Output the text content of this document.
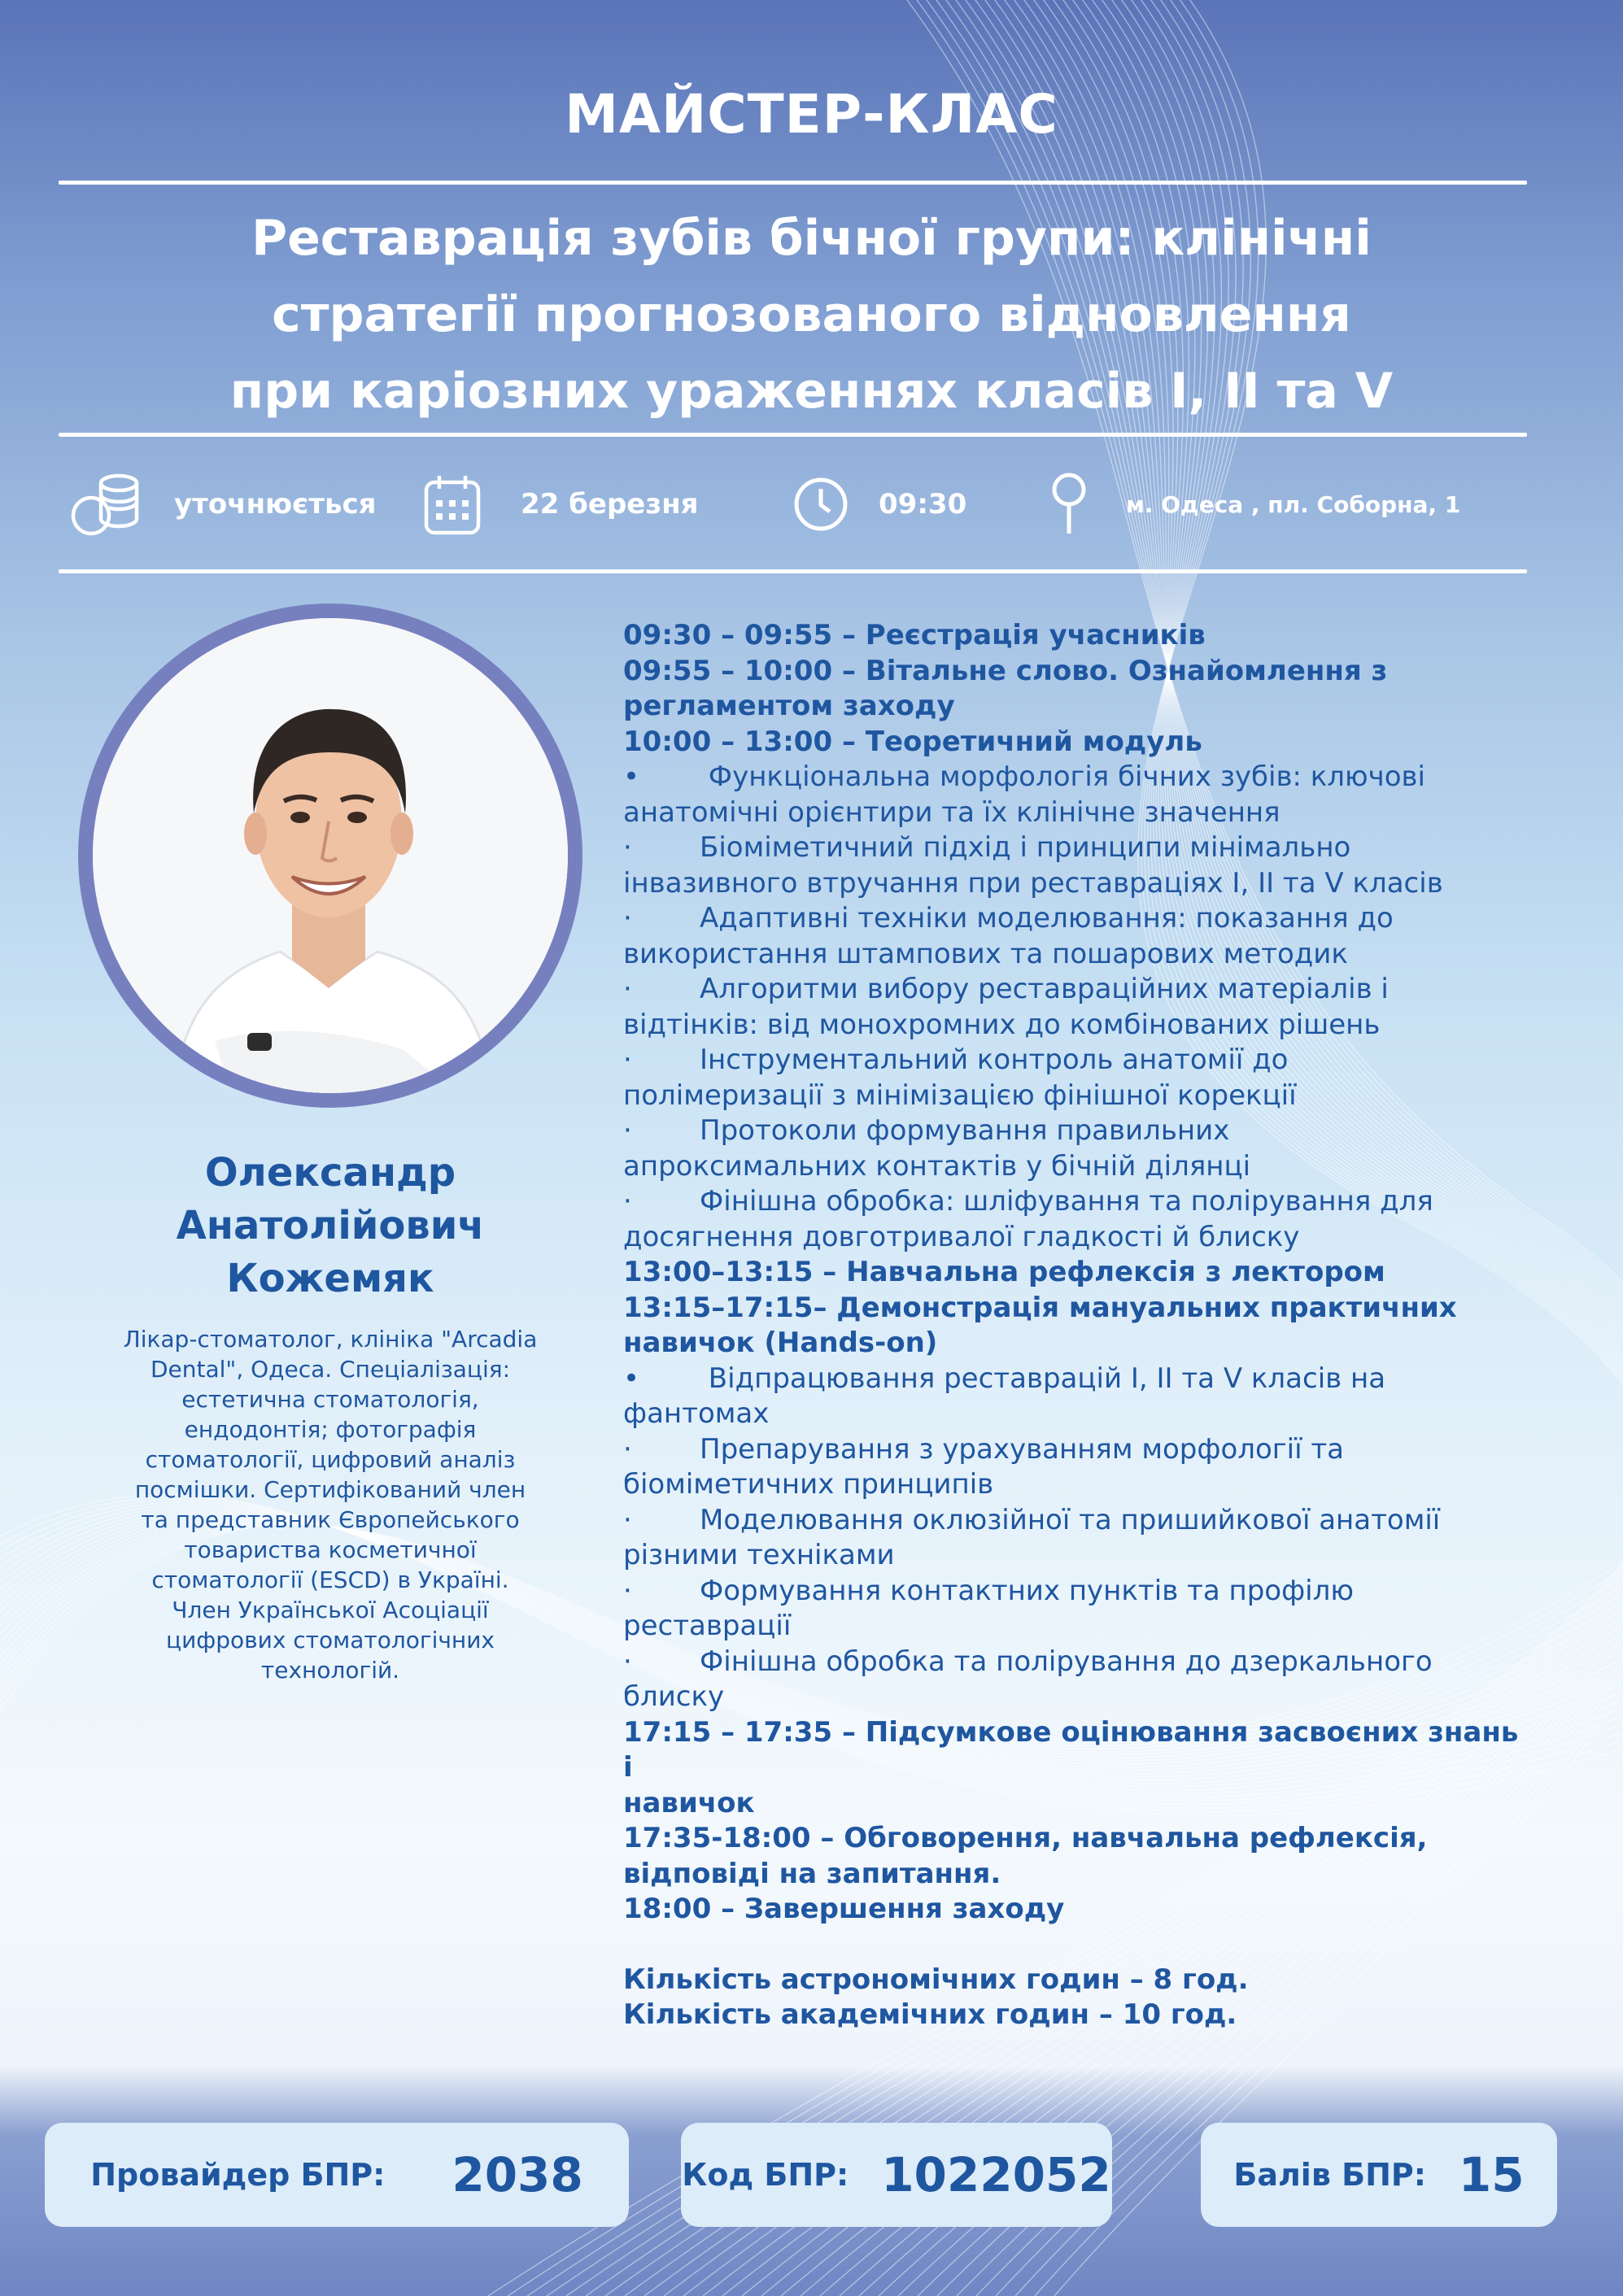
МАЙСТЕР-КЛАС
Реставрація зубів бічної групи: клінічні
стратегії прогнозованого відновлення
при каріозних ураженнях класів I, II та V
уточнюється	22 березня	09:30	м. Одеса , пл. Соборна, 1
Олександр
Анатолійович
Кожемяк
Лікар-стоматолог, клініка "Arcadia
Dental", Одеса. Спеціалізація:
естетична стоматологія,
ендодонтія; фотографія
стоматології, цифровий аналіз
посмішки. Сертифікований член
та представник Європейського
товариства косметичної
стоматології (ESCD) в Україні.
Член Української Асоціації
цифрових стоматологічних
технологій.

09:30 – 09:55 – Реєстрація учасників

09:55 – 10:00 – Вітальне слово. Ознайомлення з

регламентом заходу

10:00 – 13:00 – Теоретичний модуль

• Функціональна морфологія бічних зубів: ключові

анатомічні орієнтири та їх клінічне значення

· Біоміметичний підхід і принципи мінімально

інвазивного втручання при реставраціях I, II та V класів

· Адаптивні техніки моделювання: показання до

використання штампових та пошарових методик

· Алгоритми вибору реставраційних матеріалів і

відтінків: від монохромних до комбінованих рішень

· Інструментальний контроль анатомії до

полімеризації з мінімізацією фінішної корекції

· Протоколи формування правильних

апроксимальних контактів у бічній ділянці

· Фінішна обробка: шліфування та полірування для

досягнення довготривалої гладкості й блиску

13:00–13:15 – Навчальна рефлексія з лектором

13:15–17:15– Демонстрація мануальних практичних

навичок (Hands-on)

• Відпрацювання реставрацій I, II та V класів на

фантомах

· Препарування з урахуванням морфології та

біоміметичних принципів

· Моделювання оклюзійної та пришийкової анатомії

різними техніками

· Формування контактних пунктів та профілю

реставрації

· Фінішна обробка та полірування до дзеркального

блиску

17:15 – 17:35 – Підсумкове оцінювання засвоєних знань і

навичок

17:35-18:00 – Обговорення, навчальна рефлексія,

відповіді на запитання.

18:00 – Завершення заходу

Кількість астрономічних годин – 8 год.

Кількість академічних годин – 10 год.

Провайдер БПР: 2038	Код БПР: 1022052	Балів БПР: 15
